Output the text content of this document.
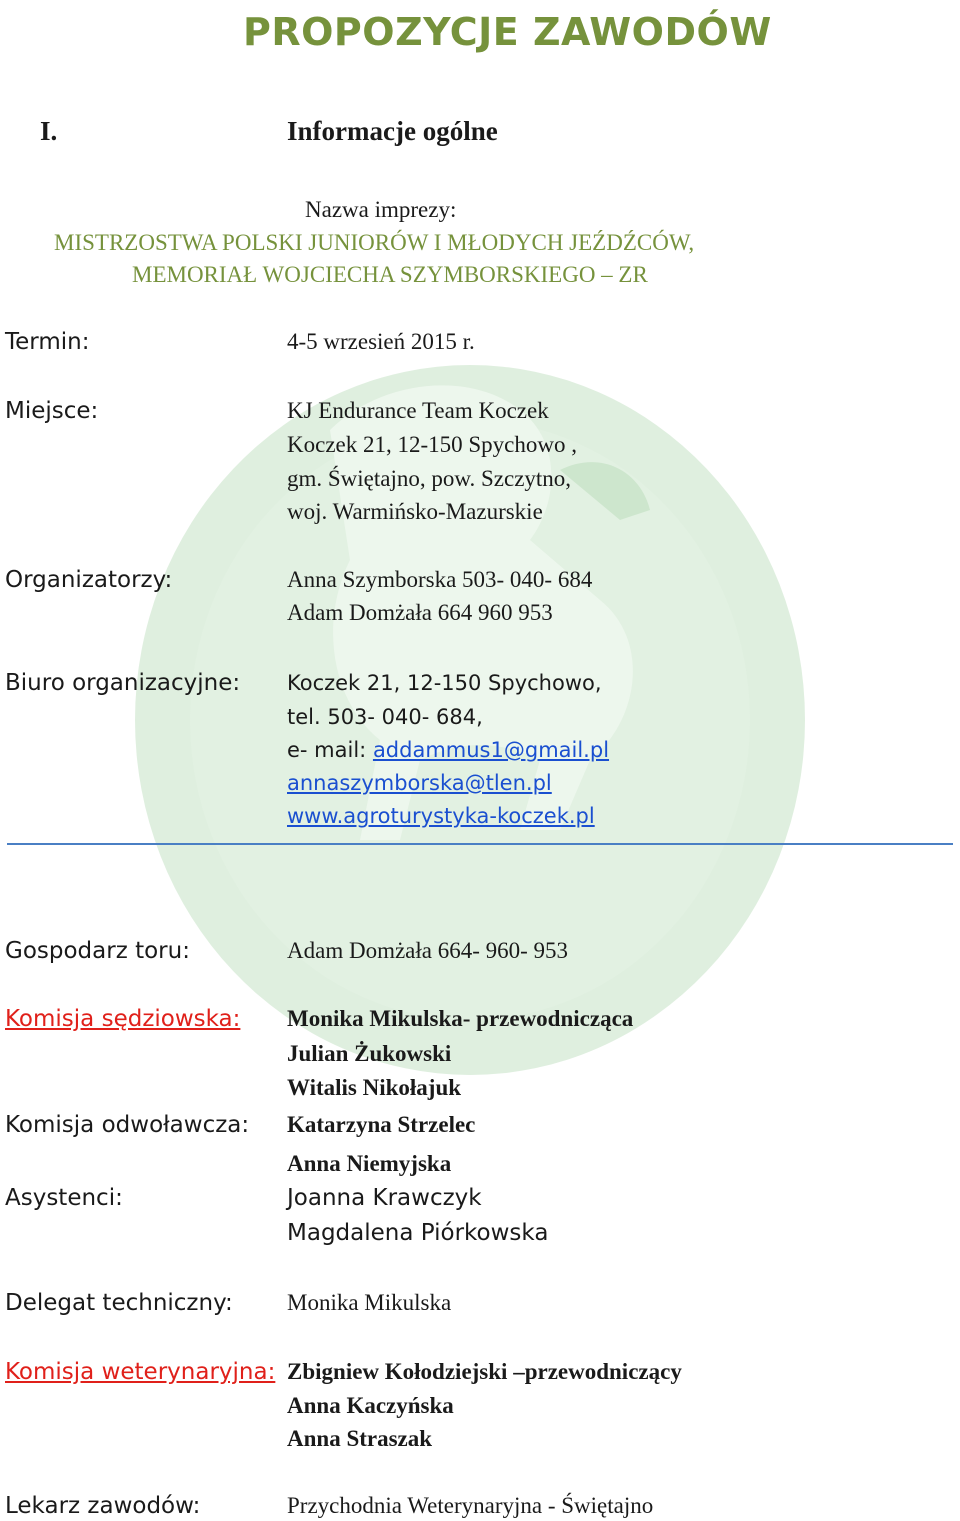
PROPOZYCJE ZAWODÓW
I.	Informacje ogólne
Nazwa imprezy:
MISTRZOSTWA POLSKI JUNIORÓW I MŁODYCH JEŹDŹCÓW,
MEMORIAŁ WOJCIECHA SZYMBORSKIEGO – ZR
Termin:	4-5 wrzesień 2015 r.
Miejsce:	KJ Endurance Team Koczek
Koczek 21, 12-150 Spychowo ,
gm. Świętajno, pow. Szczytno,
woj. Warmińsko-Mazurskie
Organizatorzy:	Anna Szymborska 503- 040- 684
Adam Domżała 664 960 953
Biuro organizacyjne: Koczek 21, 12-150 Spychowo,
tel. 503- 040- 684,
e- mail: addammus1@gmail.pl
annaszymborska@tlen.pl
www.agroturystyka-koczek.pl
Gospodarz toru:	Adam Domżała 664- 960- 953
Komisja sędziowska: Monika Mikulska- przewodnicząca
Julian Żukowski
Witalis Nikołajuk
Komisja odwoławcza: Katarzyna Strzelec
Anna Niemyjska
Asystenci:	Joanna Krawczyk
Magdalena Piórkowska
Delegat techniczny: Monika Mikulska
Komisja weterynaryjna: Zbigniew Kołodziejski –przewodniczący
Anna Kaczyńska
Anna Straszak
Lekarz zawodów:	Przychodnia Weterynaryjna - Świętajno
